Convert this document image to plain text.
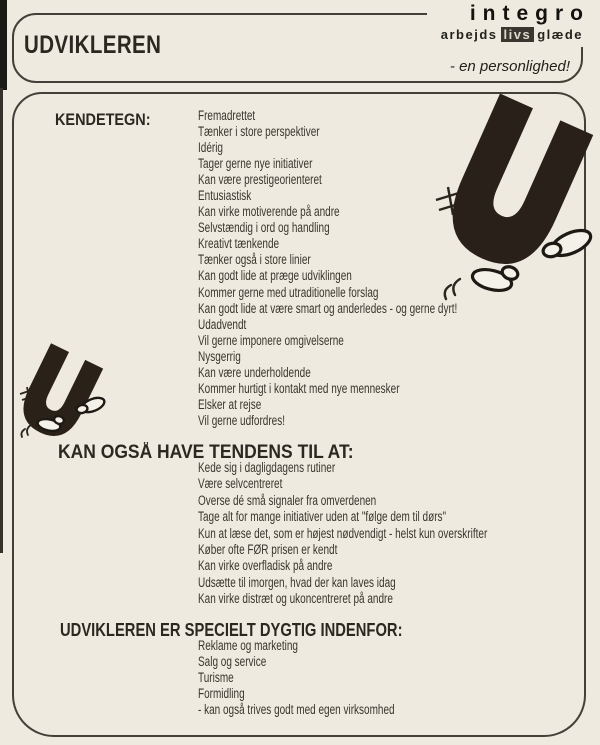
UDVIKLEREN
integro
arbejds livs glæde
- en personlighed!
KENDETEGN:	Fremadrettet
Tænker i store perspektiver
Idérig
Tager gerne nye initiativer
Kan være prestigeorienteret
Entusiastisk
Kan virke motiverende på andre
Selvstændig i ord og handling
Kreativt tænkende
Tænker også i store linier
Kan godt lide at præge udviklingen
Kommer gerne med utraditionelle forslag
Kan godt lide at være smart og anderledes - og gerne dyrt!
Udadvendt
Vil gerne imponere omgivelserne
Nysgerrig
Kan være underholdende
Kommer hurtigt i kontakt med nye mennesker
Elsker at rejse
Vil gerne udfordres!
KAN OGSÅ HAVE TENDENS TIL AT:
Kede sig i dagligdagens rutiner
Være selvcentreret
Overse dé små signaler fra omverdenen
Tage alt for mange initiativer uden at "følge dem til dørs"
Kun at læse det, som er højest nødvendigt - helst kun overskrifter
Køber ofte FØR prisen er kendt
Kan virke overfladisk på andre
Udsætte til imorgen, hvad der kan laves idag
Kan virke distræt og ukoncentreret på andre
UDVIKLEREN ER SPECIELT DYGTIG INDENFOR:
Reklame og marketing
Salg og service
Turisme
Formidling
- kan også trives godt med egen virksomhed
